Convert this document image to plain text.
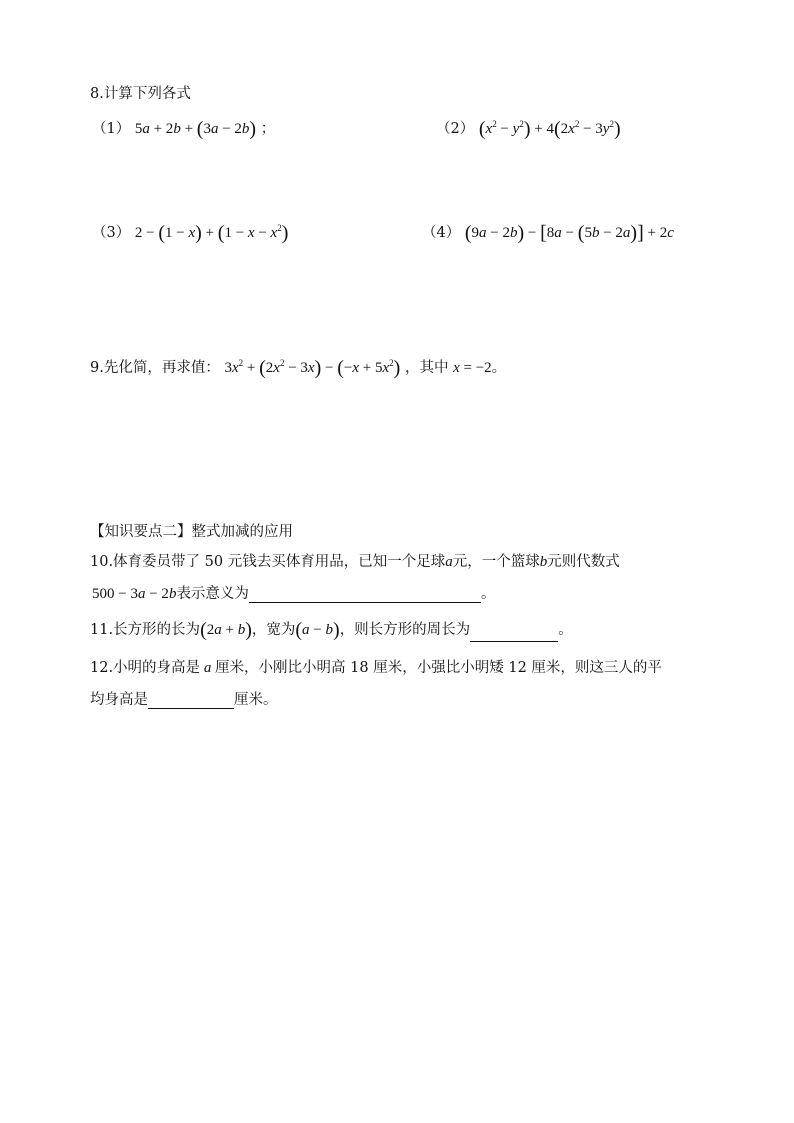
8.计算下列各式
（1） 5a + 2b + (3a − 2b) ；	（2） $(x^2 - y^2) + 4(2x^2 - 3y^2)$
（3） $2 - (1 - x) + (1 - x - x^2)$	（4） (9a − 2b) − [8a − (5b − 2a)] + 2c
9.先化简，再求值： $3x^2 + (2x^2 - 3x) - (-x + 5x^2)$ ，其中 x = −2。
【知识要点二】整式加减的应用
10.体育委员带了 50 元钱去买体育用品，已知一个足球a元，一个篮球b元则代数式
500 − 3a − 2b表示意义为	。
11.长方形的长为(2a + b)，宽为(a − b)，则长方形的周长为	。
12.小明的身高是 a 厘米，小刚比小明高 18 厘米，小强比小明矮 12 厘米，则这三人的平
均身高是	厘米。
